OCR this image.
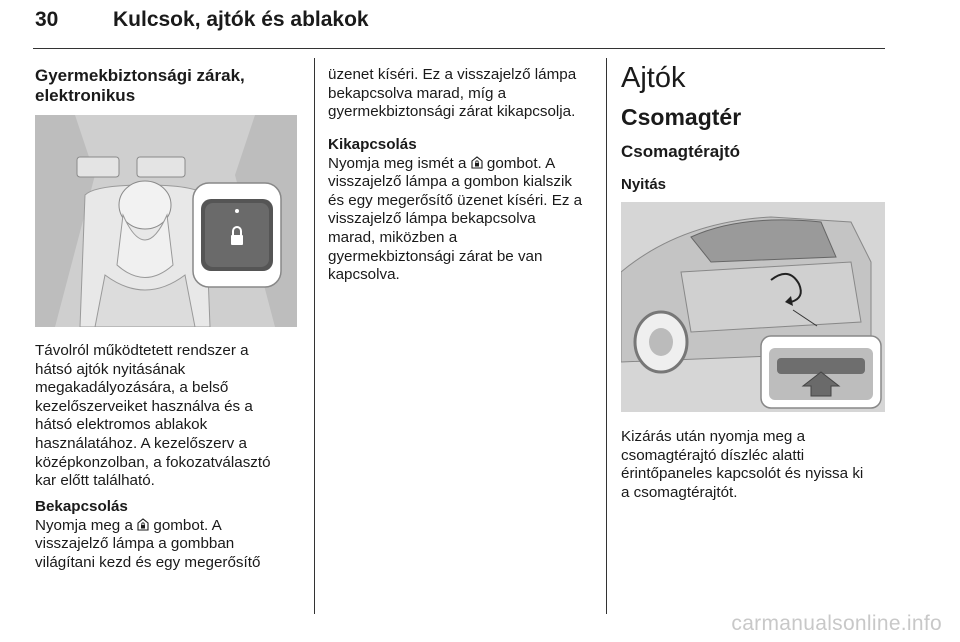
30	Kulcsok, ajtók és ablakok

Gyermekbiztonsági zárak,
elektronikus

Távolról működtetett rendszer a

hátsó ajtók nyitásának

megakadályozására, a belső

kezelőszerveiket használva és a

hátsó elektromos ablakok

használatához. A kezelőszerv a

középkonzolban, a fokozatválasztó

kar előtt található.

Bekapcsolás

Nyomja meg a gombot. A

visszajelző lámpa a gombban

világítani kezd és egy megerősítő

üzenet kíséri. Ez a visszajelző lámpa

bekapcsolva marad, míg a

gyermekbiztonsági zárat kikapcsolja.

Kikapcsolás

Nyomja meg ismét a gombot. A

visszajelző lámpa a gombon kialszik

és egy megerősítő üzenet kíséri. Ez a

visszajelző lámpa bekapcsolva

marad, miközben a

gyermekbiztonsági zárat be van

kapcsolva.

Ajtók

Csomagtér

Csomagtérajtó

Nyitás

Kizárás után nyomja meg a

csomagtérajtó díszléc alatti

érintőpaneles kapcsolót és nyissa ki

a csomagtérajtót.

carmanualsonline.info
